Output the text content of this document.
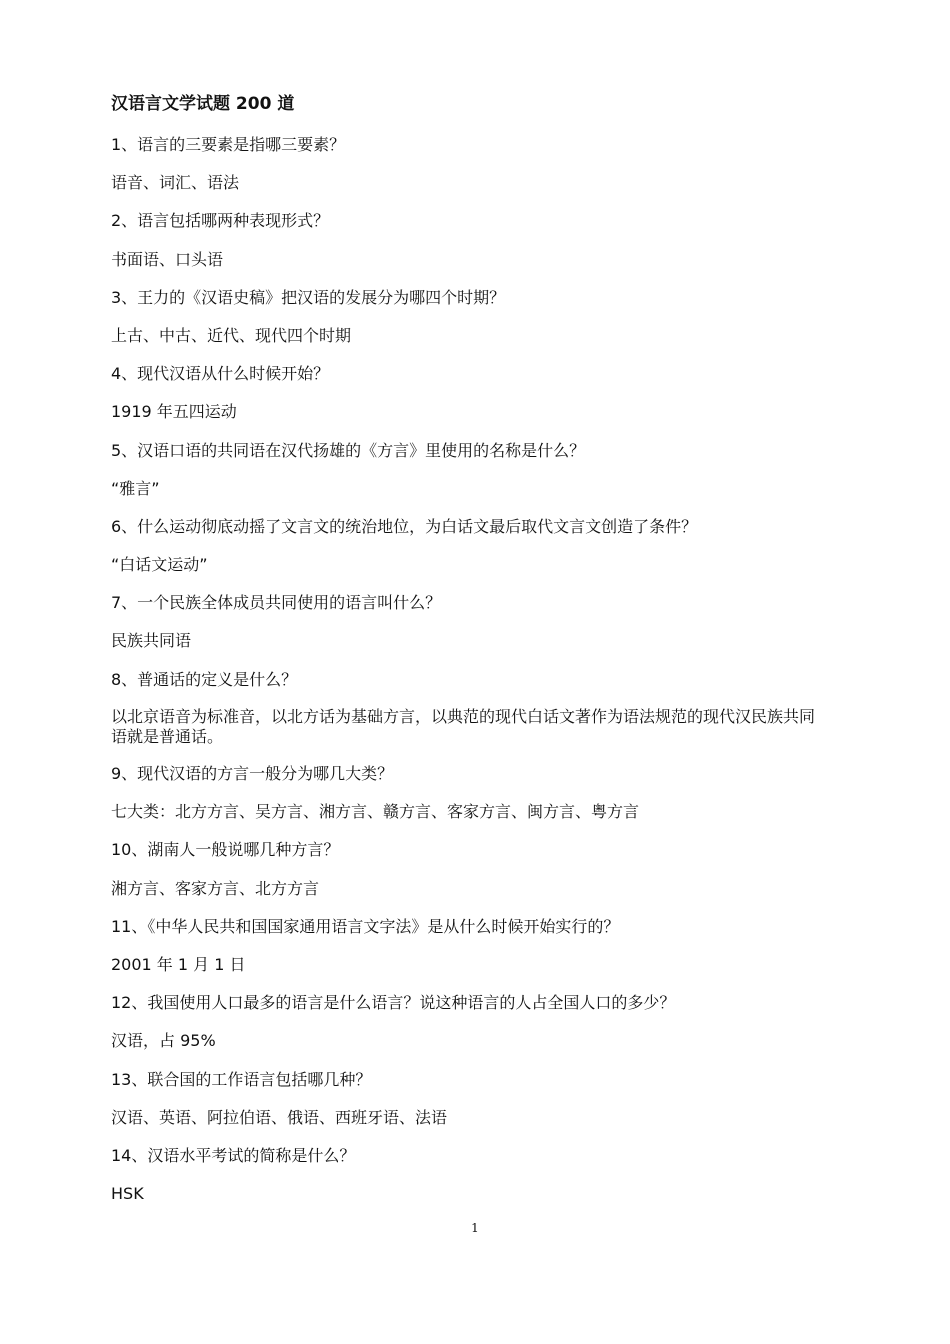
汉语言文学试题 200 道
1、语言的三要素是指哪三要素？
语音、词汇、语法
2、语言包括哪两种表现形式？
书面语、口头语
3、王力的《汉语史稿》把汉语的发展分为哪四个时期？
上古、中古、近代、现代四个时期
4、现代汉语从什么时候开始？
1919 年五四运动
5、汉语口语的共同语在汉代扬雄的《方言》里使用的名称是什么？
“雅言”
6、什么运动彻底动摇了文言文的统治地位，为白话文最后取代文言文创造了条件？
“白话文运动”
7、一个民族全体成员共同使用的语言叫什么？
民族共同语
8、普通话的定义是什么？
以北京语音为标准音，以北方话为基础方言，以典范的现代白话文著作为语法规范的现代汉民族共同语就是普通话。
9、现代汉语的方言一般分为哪几大类？
七大类：北方方言、吴方言、湘方言、赣方言、客家方言、闽方言、粤方言
10、湖南人一般说哪几种方言？
湘方言、客家方言、北方方言
11、《中华人民共和国国家通用语言文字法》是从什么时候开始实行的？
2001 年 1 月 1 日
12、我国使用人口最多的语言是什么语言？说这种语言的人占全国人口的多少？
汉语，占 95%
13、联合国的工作语言包括哪几种？
汉语、英语、阿拉伯语、俄语、西班牙语、法语
14、汉语水平考试的简称是什么？
HSK
1
